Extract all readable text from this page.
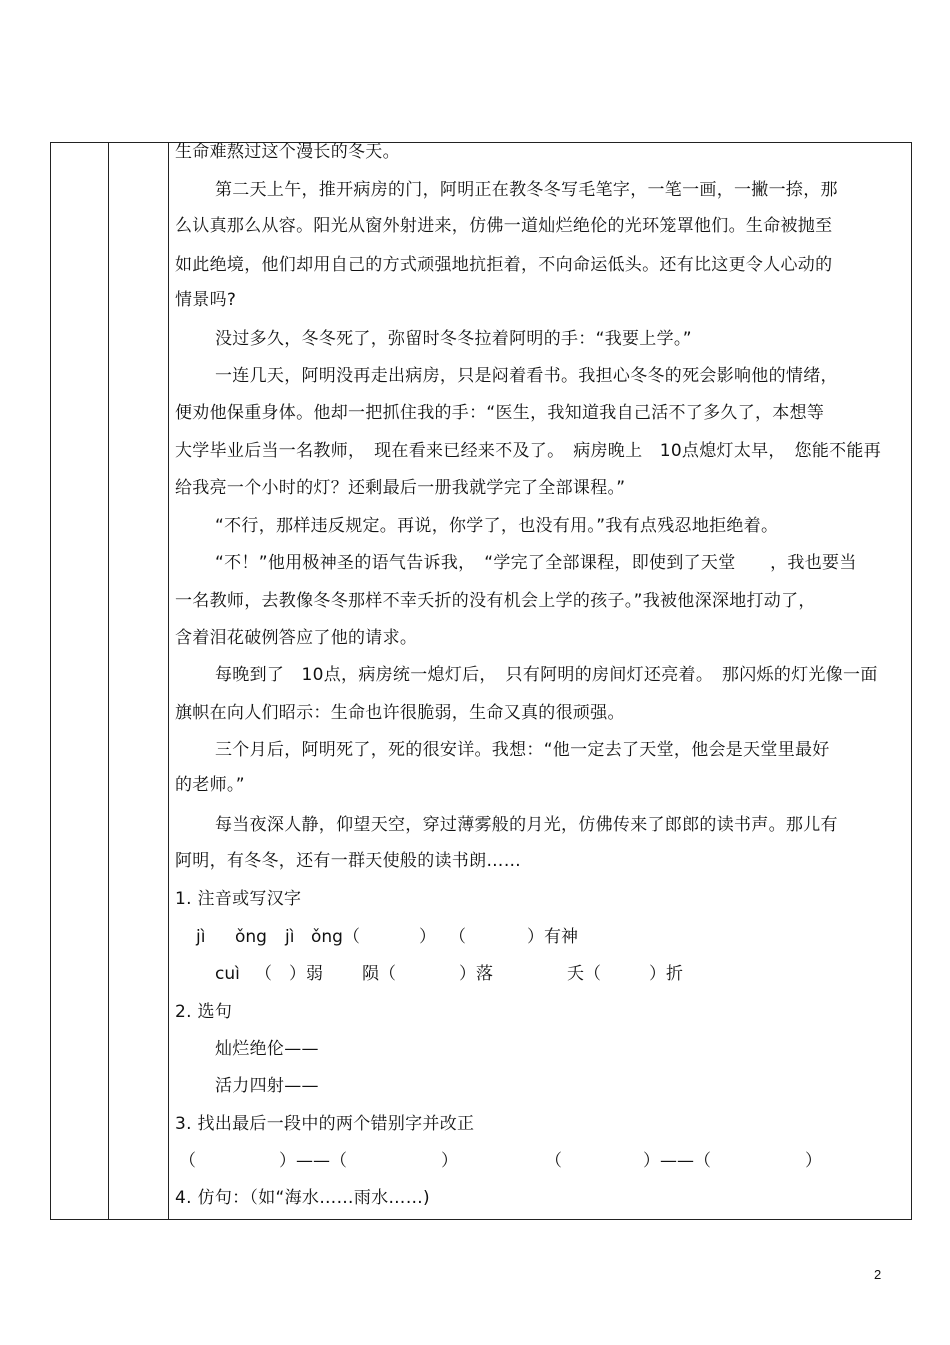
生命难熬过这个漫长的冬天。
第二天上午，推开病房的门，阿明正在教冬冬写毛笔字，一笔一画，一撇一捺，那
么认真那么从容。阳光从窗外射进来，仿佛一道灿烂绝伦的光环笼罩他们。生命被抛至
如此绝境，他们却用自己的方式顽强地抗拒着，不向命运低头。还有比这更令人心动的
情景吗?
没过多久，冬冬死了，弥留时冬冬拉着阿明的手：“我要上学。”
一连几天，阿明没再走出病房，只是闷着看书。我担心冬冬的死会影响他的情绪，
便劝他保重身体。他却一把抓住我的手：“医生，我知道我自己活不了多久了，本想等
大学毕业后当一名教师，　现在看来已经来不及了。　病房晚上　10点熄灯太早，　您能不能再
给我亮一个小时的灯？还剩最后一册我就学完了全部课程。”
“不行，那样违反规定。再说，你学了，也没有用。”我有点残忍地拒绝着。
“不！”他用极神圣的语气告诉我，　“学完了全部课程，即使到了天堂　　，我也要当
一名教师，去教像冬冬那样不幸夭折的没有机会上学的孩子。”我被他深深地打动了，
含着泪花破例答应了他的请求。
每晚到了　10点，病房统一熄灯后，　只有阿明的房间灯还亮着。　那闪烁的灯光像一面
旗帜在向人们昭示：生命也许很脆弱，生命又真的很顽强。
三个月后，阿明死了，死的很安详。我想：“他一定去了天堂，他会是天堂里最好
的老师。”
每当夜深人静，仰望天空，穿过薄雾般的月光，仿佛传来了郎郎的读书声。那儿有
阿明，有冬冬，还有一群天使般的读书朗……
1. 注音或写汉字
jì ǒng jì ǒng （	） （	）有神
cuì （　）弱 陨（	）落	夭（	）折
2. 选句
灿烂绝伦——
活力四射——
3. 找出最后一段中的两个错别字并改正
（	）——（	）	（	）——（	）
4. 仿句：（如“海水……雨水……)
2
